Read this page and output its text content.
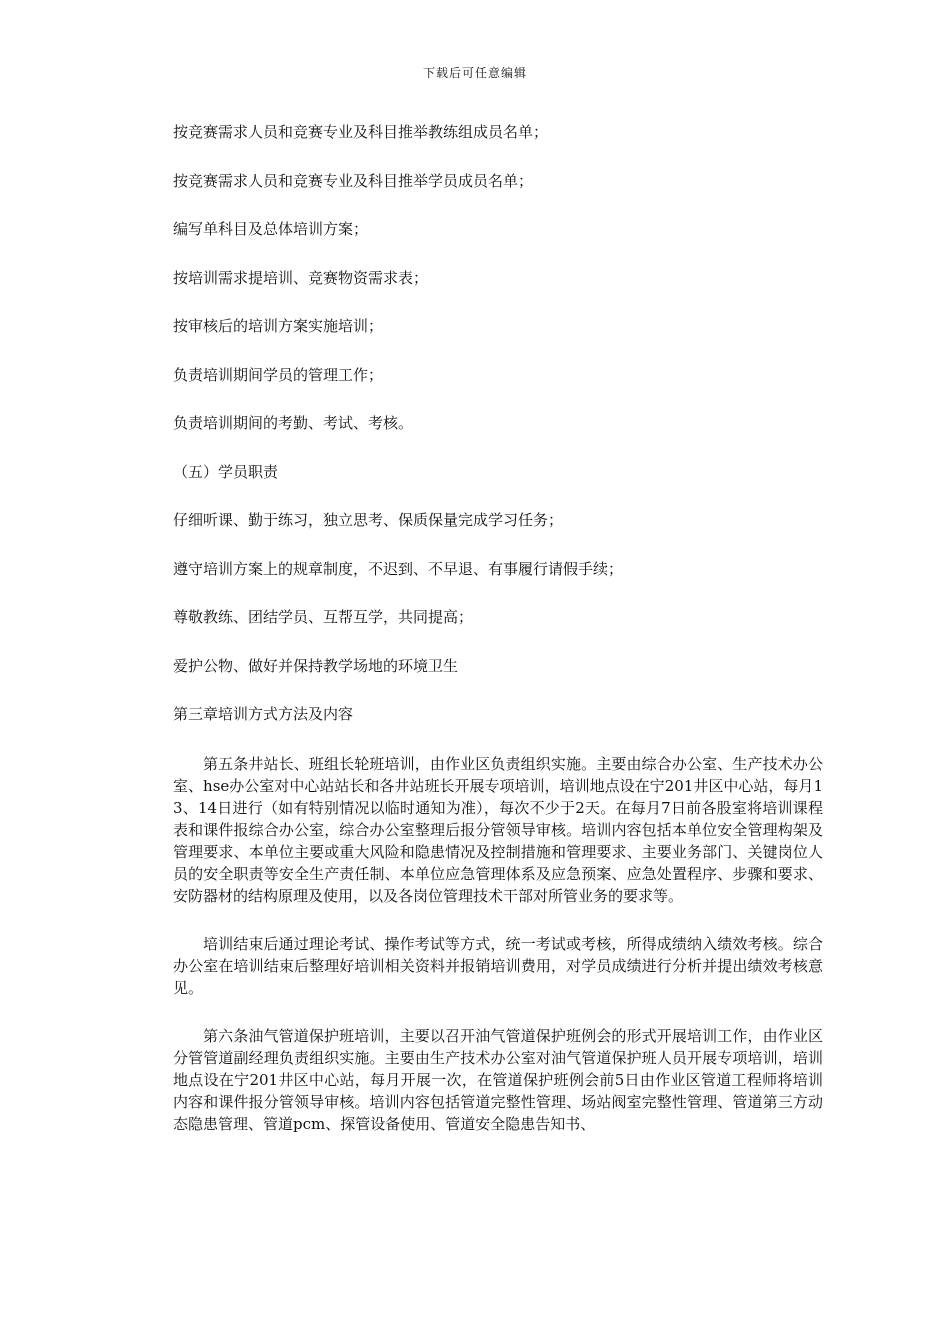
下载后可任意编辑
按竞赛需求人员和竞赛专业及科目推举教练组成员名单；
按竞赛需求人员和竞赛专业及科目推举学员成员名单；
编写单科目及总体培训方案；
按培训需求提培训、竞赛物资需求表；
按审核后的培训方案实施培训；
负责培训期间学员的管理工作；
负责培训期间的考勤、考试、考核。
（五）学员职责
仔细听课、勤于练习，独立思考、保质保量完成学习任务；
遵守培训方案上的规章制度，不迟到、不早退、有事履行请假手续；
尊敬教练、团结学员、互帮互学，共同提高；
爱护公物、做好并保持教学场地的环境卫生
第三章培训方式方法及内容

第五条井站长、班组长轮班培训，由作业区负责组织实施。主要由综合办公室、生产技术办公室、hse办公室对中心站站长和各井站班长开展专项培训，培训地点设在宁201井区中心站，每月13、14日进行（如有特别情况以临时通知为准），每次不少于2天。在每月7日前各股室将培训课程表和课件报综合办公室，综合办公室整理后报分管领导审核。培训内容包括本单位安全管理构架及管理要求、本单位主要或重大风险和隐患情况及控制措施和管理要求、主要业务部门、关键岗位人员的安全职责等安全生产责任制、本单位应急管理体系及应急预案、应急处置程序、步骤和要求、安防器材的结构原理及使用，以及各岗位管理技术干部对所管业务的要求等。

培训结束后通过理论考试、操作考试等方式，统一考试或考核，所得成绩纳入绩效考核。综合办公室在培训结束后整理好培训相关资料并报销培训费用，对学员成绩进行分析并提出绩效考核意见。

第六条油气管道保护班培训，主要以召开油气管道保护班例会的形式开展培训工作，由作业区分管管道副经理负责组织实施。主要由生产技术办公室对油气管道保护班人员开展专项培训，培训地点设在宁201井区中心站，每月开展一次，在管道保护班例会前5日由作业区管道工程师将培训内容和课件报分管领导审核。培训内容包括管道完整性管理、场站阀室完整性管理、管道第三方动态隐患管理、管道pcm、探管设备使用、管道安全隐患告知书、
